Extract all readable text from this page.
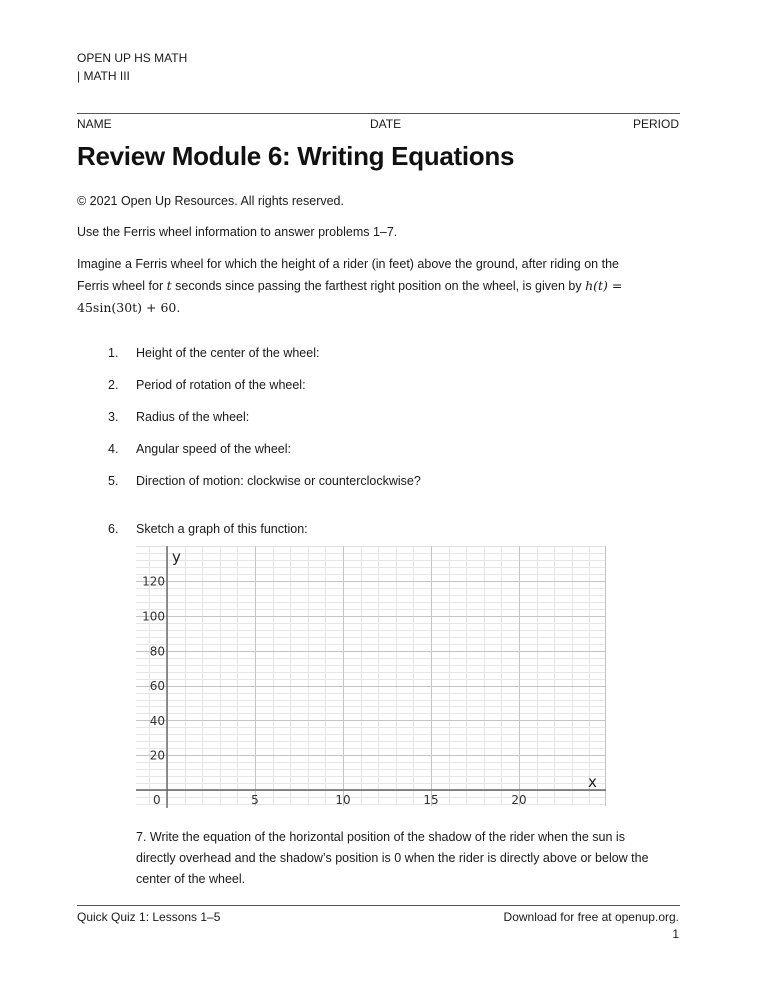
OPEN UP HS MATH
| MATH III
NAME	DATE	PERIOD
Review Module 6: Writing Equations
© 2021 Open Up Resources. All rights reserved.
Use the Ferris wheel information to answer problems 1–7.
Imagine a Ferris wheel for which the height of a rider (in feet) above the ground, after riding on the
Ferris wheel for t seconds since passing the farthest right position on the wheel, is given by h(t) =
45sin(30t) + 60.
1. Height of the center of the wheel:
2. Period of rotation of the wheel:
3. Radius of the wheel:
4. Angular speed of the wheel:
5. Direction of motion: clockwise or counterclockwise?
6. Sketch a graph of this function:
5	10	15	20
20
40
60
80
100
120
y
x
0
7. Write the equation of the horizontal position of the shadow of the rider when the sun is
directly overhead and the shadow’s position is 0 when the rider is directly above or below the
center of the wheel.
Quick Quiz 1: Lessons 1–5	Download for free at openup.org.
1
